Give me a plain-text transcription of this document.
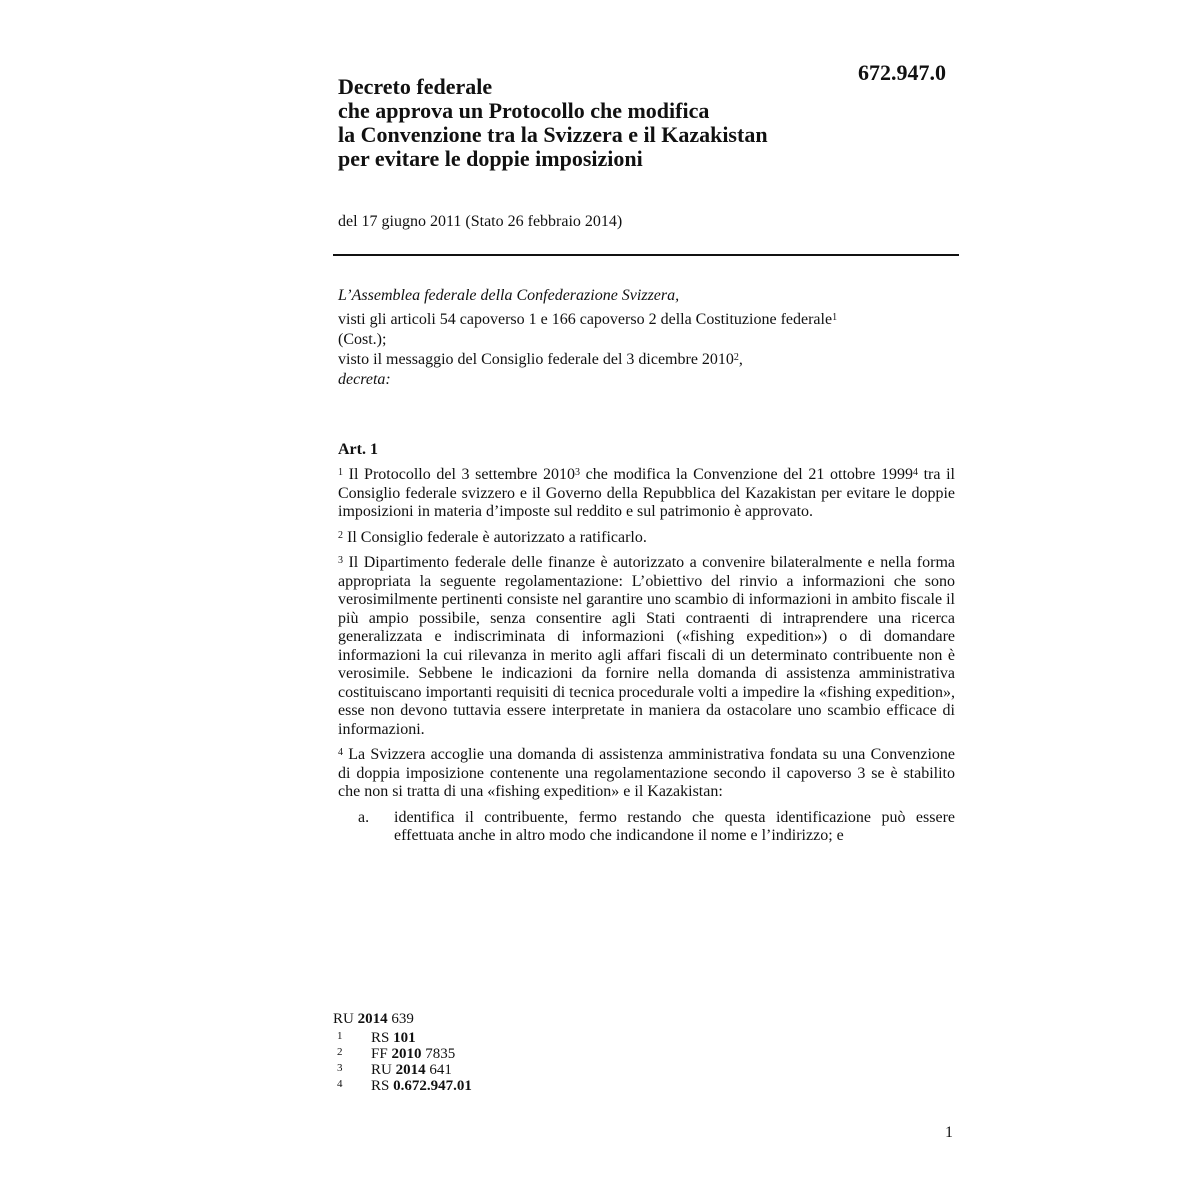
672.947.0
Decreto federale
che approva un Protocollo che modifica
la Convenzione tra la Svizzera e il Kazakistan
per evitare le doppie imposizioni
del 17 giugno 2011 (Stato 26 febbraio 2014)
L’Assemblea federale della Confederazione Svizzera,
visti gli articoli 54 capoverso 1 e 166 capoverso 2 della Costituzione federale$^1$
(Cost.);
visto il messaggio del Consiglio federale del 3 dicembre 2010$^2$,
decreta:
Art. 1

$^1$ Il Protocollo del 3 settembre 2010$^3$ che modifica la Convenzione del 21 ottobre 1999$^4$ tra il Consiglio federale svizzero e il Governo della Repubblica del Kazakistan per evitare le doppie imposizioni in materia d’imposte sul reddito e sul patrimonio è approvato.

$^2$ Il Consiglio federale è autorizzato a ratificarlo.

$^3$ Il Dipartimento federale delle finanze è autorizzato a convenire bilateralmente e nella forma appropriata la seguente regolamentazione: L’obiettivo del rinvio a informazioni che sono verosimilmente pertinenti consiste nel garantire uno scambio di informazioni in ambito fiscale il più ampio possibile, senza consentire agli Stati contraenti di intraprendere una ricerca generalizzata e indiscriminata di informazioni («fishing expedition») o di domandare informazioni la cui rilevanza in merito agli affari fiscali di un determinato contribuente non è verosimile. Sebbene le indicazioni da fornire nella domanda di assistenza amministrativa costituiscano importanti requisiti di tecnica procedurale volti a impedire la «fishing expedition», esse non devono tuttavia essere interpretate in maniera da ostacolare uno scambio efficace di informazioni.

$^4$ La Svizzera accoglie una domanda di assistenza amministrativa fondata su una Convenzione di doppia imposizione contenente una regolamentazione secondo il capoverso 3 se è stabilito che non si tratta di una «fishing expedition» e il Kazakistan:

a.	identifica il contribuente, fermo restando che questa identificazione può essere effettuata anche in altro modo che indicandone il nome e l’indirizzo; e
RU 2014 639
1	RS 101
2	FF 2010 7835
3	RU 2014 641
4	RS 0.672.947.01
1
